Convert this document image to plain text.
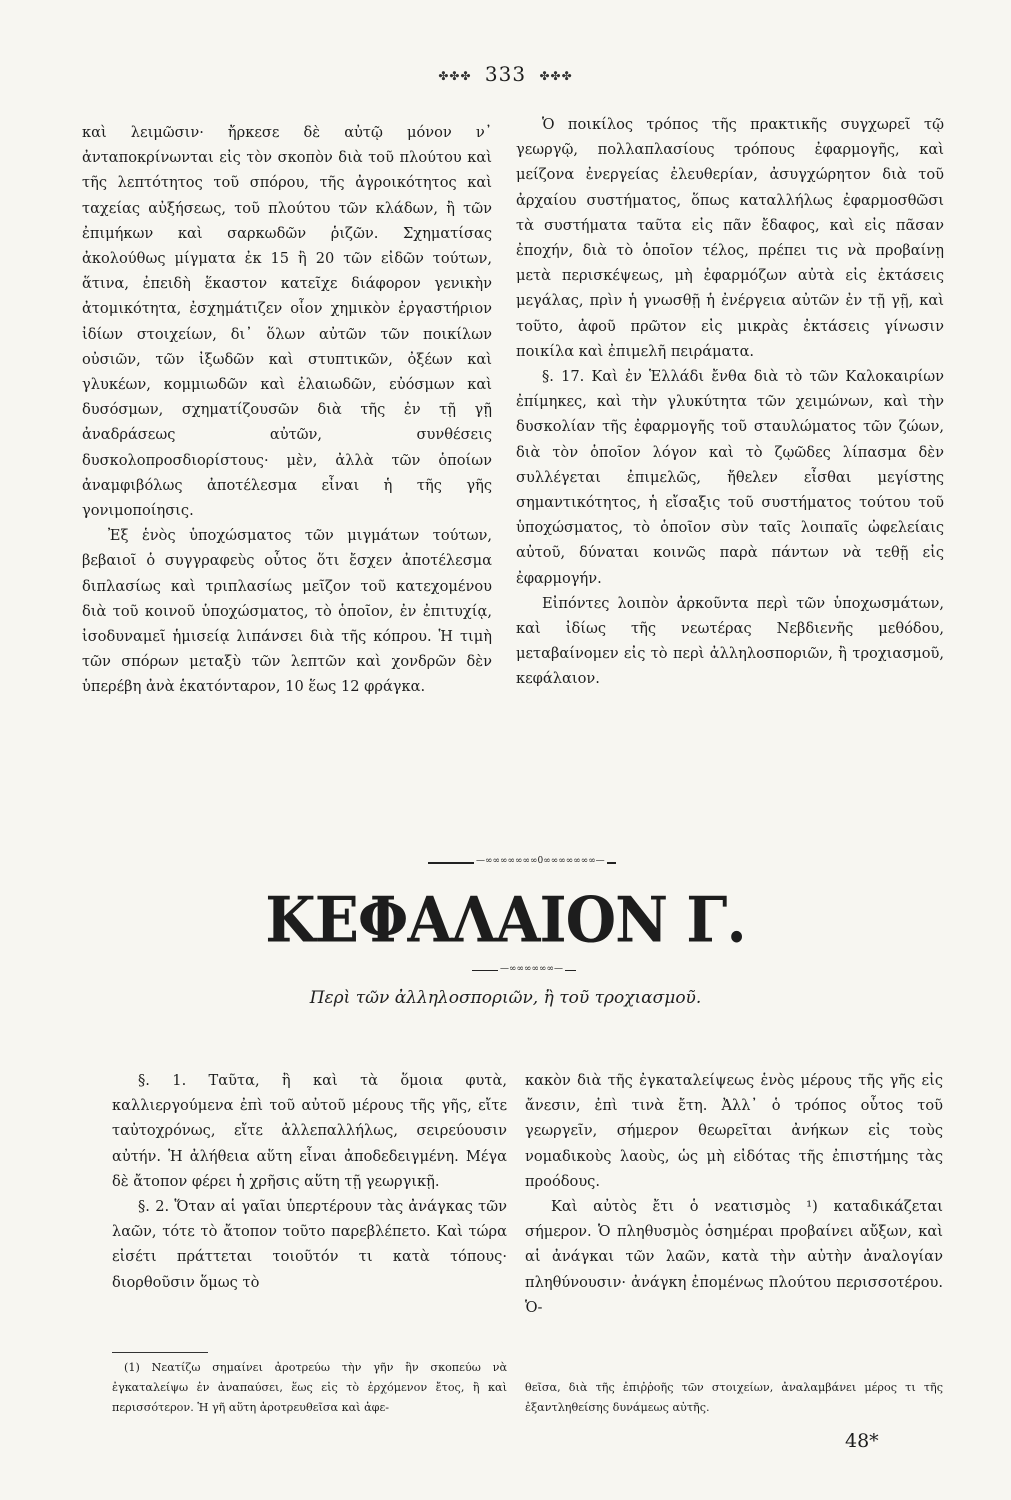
✤✤✤ 333 ✤✤✤

καὶ λειμῶσιν· ἤρκεσε δὲ αὐτῷ μόνον ν᾽ ἀνταποκρίνωνται εἰς τὸν σκοπὸν διὰ τοῦ πλούτου καὶ τῆς λεπτότητος τοῦ σπόρου, τῆς ἀγροικότητος καὶ ταχείας αὐξήσεως, τοῦ πλούτου τῶν κλάδων, ἢ τῶν ἐπιμήκων καὶ σαρκωδῶν ῥιζῶν. Σχηματίσας ἀκολούθως μίγματα ἐκ 15 ἢ 20 τῶν εἰδῶν τούτων, ἅτινα, ἐπειδὴ ἕκαστον κατεῖχε διάφορον γενικὴν ἀτομικότητα, ἐσχημάτιζεν οἷον χημικὸν ἐργαστήριον ἰδίων στοιχείων, δι᾽ ὅλων αὐτῶν τῶν ποικίλων οὐσιῶν, τῶν ἰξωδῶν καὶ στυπτικῶν, ὀξέων καὶ γλυκέων, κομμιωδῶν καὶ ἐλαιωδῶν, εὐόσμων καὶ δυσόσμων, σχηματίζουσῶν διὰ τῆς ἐν τῇ γῇ ἀναδράσεως αὐτῶν, συνθέσεις δυσκολοπροσδιορίστους· μὲν, ἀλλὰ τῶν ὁποίων ἀναμφιβόλως ἀποτέλεσμα εἶναι ἡ τῆς γῆς γονιμοποίησις.

Ἐξ ἑνὸς ὑποχώσματος τῶν μιγμάτων τούτων, βεβαιοῖ ὁ συγγραφεὺς οὗτος ὅτι ἔσχεν ἀποτέλεσμα διπλασίως καὶ τριπλασίως μεῖζον τοῦ κατεχομένου διὰ τοῦ κοινοῦ ὑποχώσματος, τὸ ὁποῖον, ἐν ἐπιτυχίᾳ, ἰσοδυναμεῖ ἡμισείᾳ λιπάνσει διὰ τῆς κόπρου. Ἡ τιμὴ τῶν σπόρων μεταξὺ τῶν λεπτῶν καὶ χονδρῶν δὲν ὑπερέβη ἀνὰ ἑκατόνταρον, 10 ἕως 12 φράγκα.

Ὁ ποικίλος τρόπος τῆς πρακτικῆς συγχωρεῖ τῷ γεωργῷ, πολλαπλασίους τρόπους ἐφαρμογῆς, καὶ μείζονα ἐνεργείας ἐλευθερίαν, ἀσυγχώρητον διὰ τοῦ ἀρχαίου συστήματος, ὅπως καταλλήλως ἐφαρμοσθῶσι τὰ συστήματα ταῦτα εἰς πᾶν ἔδαφος, καὶ εἰς πᾶσαν ἐποχήν, διὰ τὸ ὁποῖον τέλος, πρέπει τις νὰ προβαίνῃ μετὰ περισκέψεως, μὴ ἐφαρμόζων αὐτὰ εἰς ἐκτάσεις μεγάλας, πρὶν ἡ γνωσθῇ ἡ ἐνέργεια αὐτῶν ἐν τῇ γῇ, καὶ τοῦτο, ἀφοῦ πρῶτον εἰς μικρὰς ἐκτάσεις γίνωσιν ποικίλα καὶ ἐπιμελῆ πειράματα.

§. 17. Καὶ ἐν Ἑλλάδι ἔνθα διὰ τὸ τῶν Καλοκαιρίων ἐπίμηκες, καὶ τὴν γλυκύτητα τῶν χειμώνων, καὶ τὴν δυσκολίαν τῆς ἐφαρμογῆς τοῦ σταυλώματος τῶν ζώων, διὰ τὸν ὁποῖον λόγον καὶ τὸ ζῳῶδες λίπασμα δὲν συλλέγεται ἐπιμελῶς, ἤθελεν εἶσθαι μεγίστης σημαντικότητος, ἡ εἴσαξις τοῦ συστήματος τούτου τοῦ ὑποχώσματος, τὸ ὁποῖον σὺν ταῖς λοιπαῖς ὠφελείαις αὐτοῦ, δύναται κοινῶς παρὰ πάντων νὰ τεθῇ εἰς ἐφαρμογήν.

Εἰπόντες λοιπὸν ἀρκοῦντα περὶ τῶν ὑποχωσμάτων, καὶ ἰδίως τῆς νεωτέρας Νεβδιενῆς μεθόδου, μεταβαίνομεν εἰς τὸ περὶ ἀλληλοσποριῶν, ἢ τροχιασμοῦ, κεφάλαιον.

—∞∞∞∞∞∞∞0∞∞∞∞∞∞∞—
ΚΕΦΑΛΑΙΟΝ Γ.
—∞∞∞∞∞∞—
Περὶ τῶν ἀλληλοσποριῶν, ἢ τοῦ τροχιασμοῦ.

§. 1. Ταῦτα, ἢ καὶ τὰ ὅμοια φυτὰ, καλλιεργούμενα ἐπὶ τοῦ αὐτοῦ μέρους τῆς γῆς, εἴτε ταὐτοχρόνως, εἴτε ἀλλεπαλλήλως, σειρεύουσιν αὐτήν. Ἡ ἀλήθεια αὕτη εἶναι ἀποδεδειγμένη. Μέγα δὲ ἄτοπον φέρει ἡ χρῆσις αὕτη τῇ γεωργικῇ.

§. 2. Ὅταν αἱ γαῖαι ὑπερτέρουν τὰς ἀνάγκας τῶν λαῶν, τότε τὸ ἄτοπον τοῦτο παρεβλέπετο. Καὶ τώρα εἰσέτι πράττεται τοιοῦτόν τι κατὰ τόπους· διορθοῦσιν ὅμως τὸ

κακὸν διὰ τῆς ἐγκαταλείψεως ἑνὸς μέρους τῆς γῆς εἰς ἄνεσιν, ἐπὶ τινὰ ἔτη. Ἀλλ᾽ ὁ τρόπος οὗτος τοῦ γεωργεῖν, σήμερον θεωρεῖται ἀνήκων εἰς τοὺς νομαδικοὺς λαοὺς, ὡς μὴ εἰδότας τῆς ἐπιστήμης τὰς προόδους.

Καὶ αὐτὸς ἔτι ὁ νεατισμὸς ¹) καταδικάζεται σήμερον. Ὁ πληθυσμὸς ὁσημέραι προβαίνει αὔξων, καὶ αἱ ἀνάγκαι τῶν λαῶν, κατὰ τὴν αὐτὴν ἀναλογίαν πληθύνουσιν· ἀνάγκη ἐπομένως πλούτου περισσοτέρου. Ὁ-

(1) Νεατίζω σημαίνει ἀροτρεύω τὴν γῆν ἣν σκοπεύω νὰ ἐγκαταλείψω ἐν ἀναπαύσει, ἕως εἰς τὸ ἐρχόμενον ἔτος, ἢ καὶ περισσότερον. Ἡ γῆ αὕτη ἀροτρευθεῖσα καὶ ἀφε-
θεῖσα, διὰ τῆς ἐπιῤῥοῆς τῶν στοιχείων, ἀναλαμβάνει μέρος τι τῆς ἐξαντληθείσης δυνάμεως αὐτῆς.
48*
